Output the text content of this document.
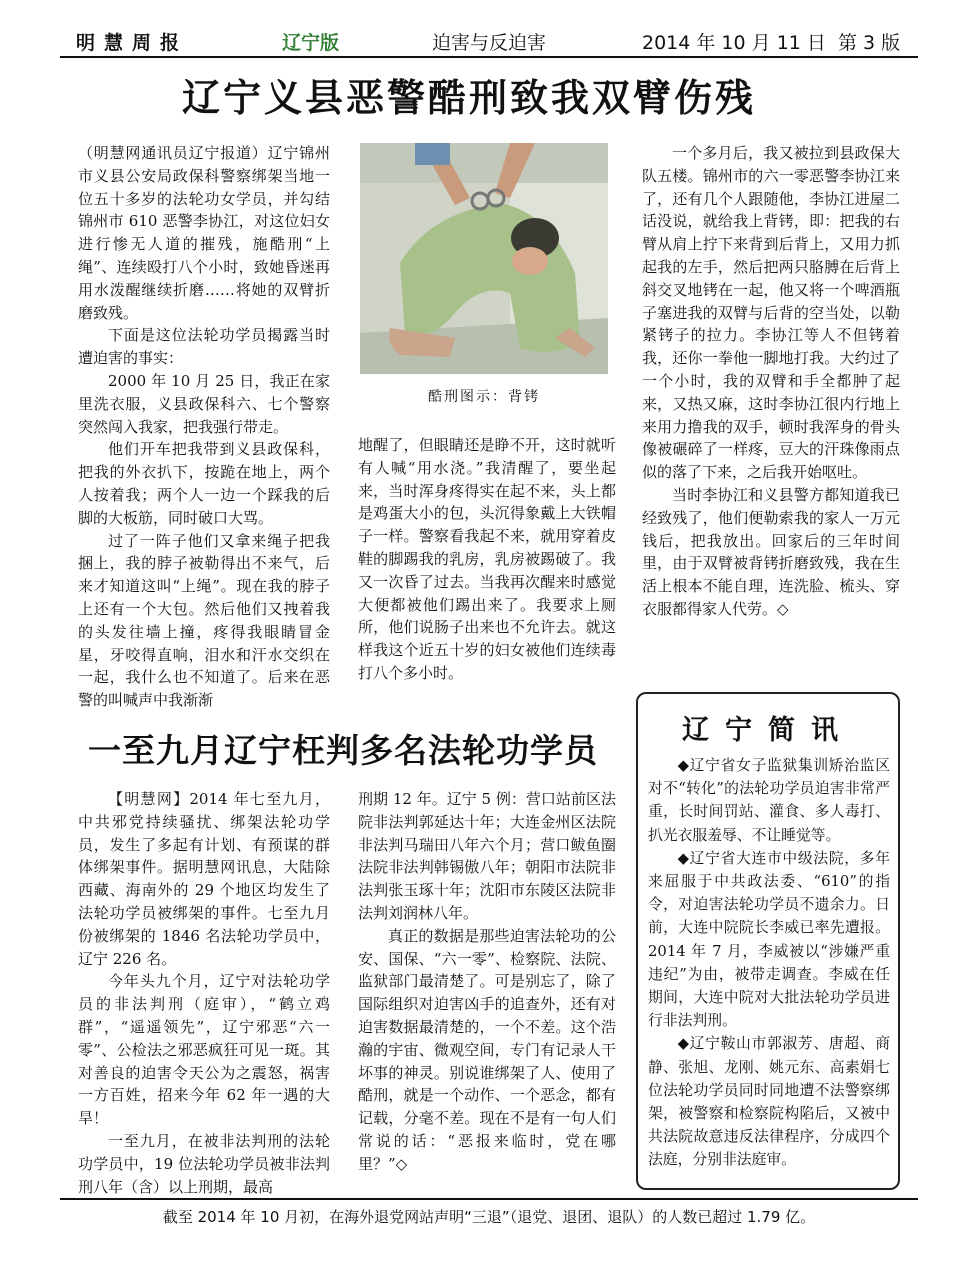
明慧周报	辽宁版	迫害与反迫害	2014 年 10 月 11 日 第 3 版
辽宁义县恶警酷刑致我双臂伤残

（明慧网通讯员辽宁报道）辽宁锦州市义县公安局政保科警察绑架当地一位五十多岁的法轮功女学员，并勾结锦州市 610 恶警李协江，对这位妇女进行惨无人道的摧残，施酷刑“上绳”、连续殴打八个小时，致她昏迷再用水泼醒继续折磨……将她的双臂折磨致残。

下面是这位法轮功学员揭露当时遭迫害的事实：

2000 年 10 月 25 日，我正在家里洗衣服，义县政保科六、七个警察突然闯入我家，把我强行带走。

他们开车把我带到义县政保科，把我的外衣扒下，按跪在地上，两个人按着我；两个人一边一个踩我的后脚的大板筋，同时破口大骂。

过了一阵子他们又拿来绳子把我捆上，我的脖子被勒得出不来气，后来才知道这叫“上绳”。现在我的脖子上还有一个大包。然后他们又拽着我的头发往墙上撞，疼得我眼睛冒金星，牙咬得直响，泪水和汗水交织在一起，我什么也不知道了。后来在恶警的叫喊声中我渐渐

酷刑图示：背铐

地醒了，但眼睛还是睁不开，这时就听有人喊“用水浇。”我清醒了，要坐起来，当时浑身疼得实在起不来，头上都是鸡蛋大小的包，头沉得象戴上大铁帽子一样。警察看我起不来，就用穿着皮鞋的脚踢我的乳房，乳房被踢破了。我又一次昏了过去。当我再次醒来时感觉大便都被他们踢出来了。我要求上厕所，他们说肠子出来也不允许去。就这样我这个近五十岁的妇女被他们连续毒打八个多小时。

一个多月后，我又被拉到县政保大队五楼。锦州市的六一零恶警李协江来了，还有几个人跟随他，李协江进屋二话没说，就给我上背铐，即：把我的右臂从肩上拧下来背到后背上，又用力抓起我的左手，然后把两只胳膊在后背上斜交叉地铐在一起，他又将一个啤酒瓶子塞进我的双臂与后背的空当处，以勒紧铐子的拉力。李协江等人不但铐着我，还你一拳他一脚地打我。大约过了一个小时，我的双臂和手全都肿了起来，又热又麻，这时李协江很内行地上来用力撸我的双手，顿时我浑身的骨头像被碾碎了一样疼，豆大的汗珠像雨点似的落了下来，之后我开始呕吐。

当时李协江和义县警方都知道我已经致残了，他们便勒索我的家人一万元钱后，把我放出。回家后的三年时间里，由于双臂被背铐折磨致残，我在生活上根本不能自理，连洗脸、梳头、穿衣服都得家人代劳。◇

一至九月辽宁枉判多名法轮功学员

【明慧网】2014 年七至九月，中共邪党持续骚扰、绑架法轮功学员，发生了多起有计划、有预谋的群体绑架事件。据明慧网讯息，大陆除西藏、海南外的 29 个地区均发生了法轮功学员被绑架的事件。七至九月份被绑架的 1846 名法轮功学员中，辽宁 226 名。

今年头九个月，辽宁对法轮功学员的非法判刑（庭审），“鹤立鸡群”，“遥遥领先”，辽宁邪恶“六一零”、公检法之邪恶疯狂可见一斑。其对善良的迫害令天公为之震怒，祸害一方百姓，招来今年 62 年一遇的大旱！

一至九月，在被非法判刑的法轮功学员中，19 位法轮功学员被非法判刑八年（含）以上刑期，最高

刑期 12 年。辽宁 5 例：营口站前区法院非法判郭延达十年；大连金州区法院非法判马瑞田八年六个月；营口鲅鱼圈法院非法判韩锡傲八年；朝阳市法院非法判张玉琢十年；沈阳市东陵区法院非法判刘润林八年。

真正的数据是那些迫害法轮功的公安、国保、“六一零”、检察院、法院、监狱部门最清楚了。可是别忘了，除了国际组织对迫害凶手的追查外，还有对迫害数据最清楚的，一个不差。这个浩瀚的宇宙、微观空间，专门有记录人干坏事的神灵。别说谁绑架了人、使用了酷刑，就是一个动作、一个恶念，都有记载，分毫不差。现在不是有一句人们常说的话：“恶报来临时，党在哪里？”◇

辽宁简讯

◆辽宁省女子监狱集训矫治监区对不“转化”的法轮功学员迫害非常严重，长时间罚站、灌食、多人毒打、扒光衣服羞辱、不让睡觉等。

◆辽宁省大连市中级法院，多年来屈服于中共政法委、“610”的指令，对迫害法轮功学员不遗余力。日前，大连中院院长李威已率先遭报。2014 年 7 月，李威被以“涉嫌严重违纪”为由，被带走调查。李威在任期间，大连中院对大批法轮功学员进行非法判刑。

◆辽宁鞍山市郭淑芳、唐超、商静、张旭、龙刚、姚元东、高素娟七位法轮功学员同时同地遭不法警察绑架，被警察和检察院构陷后，又被中共法院故意违反法律程序，分成四个法庭，分别非法庭审。

截至 2014 年 10 月初，在海外退党网站声明“三退”（退党、退团、退队）的人数已超过 1.79 亿。
